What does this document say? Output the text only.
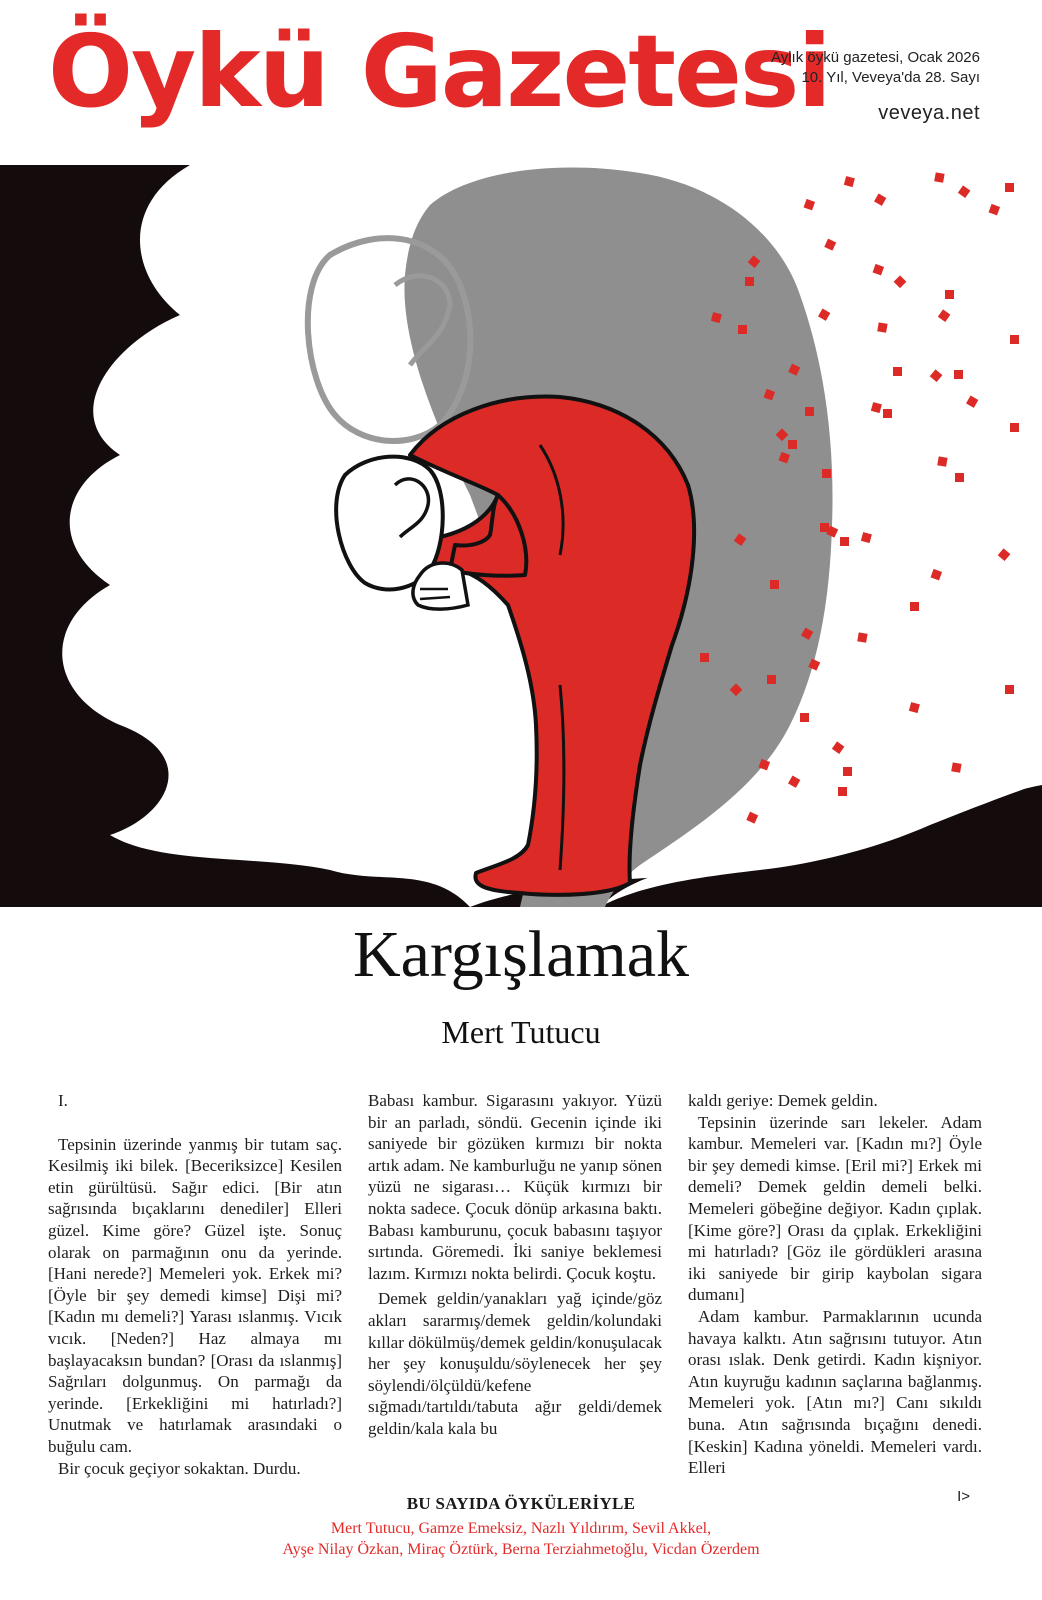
Öykü Gazetesi
Aylık öykü gazetesi, Ocak 2026
10. Yıl, Veveya'da 28. Sayı
veveya.net
Kargışlamak
Mert Tutucu
I.

Tepsinin üzerinde yanmış bir tutam saç. Kesilmiş iki bilek. [Beceriksizce] Kesilen etin gürültüsü. Sağır edici. [Bir atın sağrısında bıçaklarını denediler] Elleri güzel. Kime göre? Güzel işte. Sonuç olarak on parmağının onu da yerinde. [Hani nerede?] Memeleri yok. Erkek mi? [Öyle bir şey demedi kimse] Dişi mi? [Kadın mı demeli?] Yarası ıslanmış. Vıcık vıcık. [Neden?] Haz almaya mı başlayacaksın bundan? [Orası da ıslanmış] Sağrıları dolgunmuş. On parmağı da yerinde. [Erkekliğini mi hatırladı?] Unutmak ve hatırlamak arasındaki o buğulu cam.

Bir çocuk geçiyor sokaktan. Durdu.

Babası kambur. Sigarasını yakıyor. Yüzü bir an parladı, söndü. Gecenin içinde iki saniyede bir gözüken kırmızı bir nokta artık adam. Ne kamburluğu ne yanıp sönen yüzü ne sigarası… Küçük kırmızı bir nokta sadece. Çocuk dönüp arkasına baktı. Babası kamburunu, çocuk babasını taşıyor sırtında. Göremedi. İki saniye beklemesi lazım. Kırmızı nokta belirdi. Çocuk koştu.

Demek geldin/yanakları yağ içinde/göz akları sararmış/demek geldin/kolundaki kıllar dökülmüş/demek geldin/konuşulacak her şey konuşuldu/söylenecek her şey söylendi/ölçüldü/kefene sığmadı/tartıldı/tabuta ağır geldi/demek geldin/kala kala bu

kaldı geriye: Demek geldin.

Tepsinin üzerinde sarı lekeler. Adam kambur. Memeleri var. [Kadın mı?] Öyle bir şey demedi kimse. [Eril mi?] Erkek mi demeli? Demek geldin demeli belki. Memeleri göbeğine değiyor. Kadın çıplak. [Kime göre?] Orası da çıplak. Erkekliğini mi hatırladı? [Göz ile gördükleri arasına iki saniyede bir girip kaybolan sigara dumanı]

Adam kambur. Parmaklarının ucunda havaya kalktı. Atın sağrısını tutuyor. Atın orası ıslak. Denk getirdi. Kadın kişniyor. Atın kuyruğu kadının saçlarına bağlanmış. Memeleri yok. [Atın mı?] Canı sıkıldı buna. Atın sağrısında bıçağını denedi. [Keskin] Kadına yöneldi. Memeleri vardı. Elleri

I>
BU SAYIDA ÖYKÜLERİYLE
Mert Tutucu, Gamze Emeksiz, Nazlı Yıldırım, Sevil Akkel,
Ayşe Nilay Özkan, Miraç Öztürk, Berna Terziahmetoğlu, Vicdan Özerdem
